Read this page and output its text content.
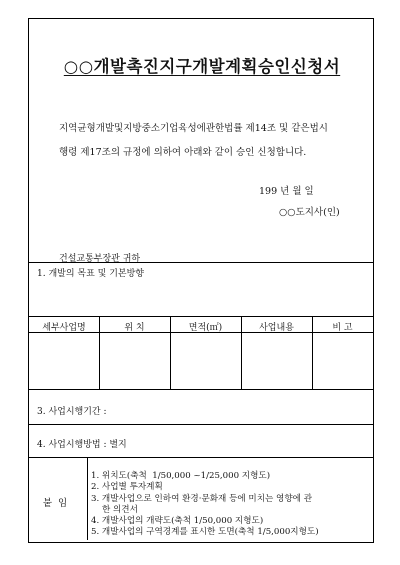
○○개발촉진지구개발계획승인신청서
지역균형개발및지방중소기업육성에관한법률 제14조 및 같은법시
행령 제17조의 규정에 의하여 아래와 같이 승인 신청합니다.
199 년 월 일
○○도지사(인)
건설교통부장관 귀하
1. 개발의 목표 및 기본방향
세부사업명	위 치	면적(㎡)	사업내용	비 고
3. 사업시행기간 :
4. 사업시행방법 : 별지
붙임
1. 위치도(축척  1/50,000 ~1/25,000 지형도)
2. 사업별 투자계획
3. 개발사업으로 인하여 환경·문화재 등에 미치는 영향에 관
한 의견서
4. 개발사업의 개략도(축척 1/50,000 지형도)
5. 개발사업의 구역경계를 표시한 도면(축척 1/5,000지형도)
